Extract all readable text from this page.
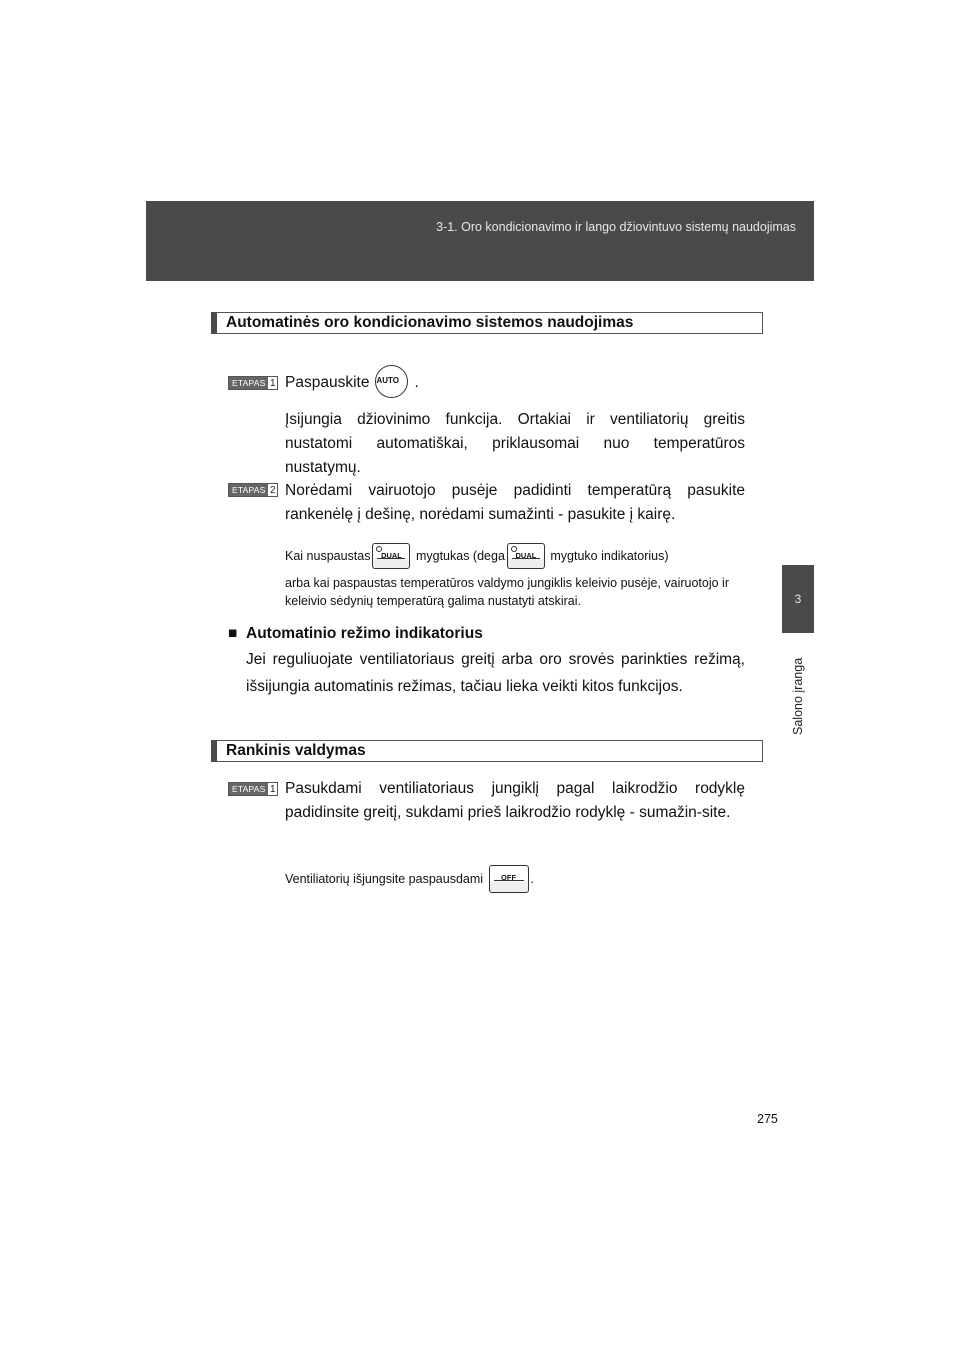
3-1. Oro kondicionavimo ir lango džiovintuvo sistemų naudojimas
3
Salono įranga
Automatinės oro kondicionavimo sistemos naudojimas
ETAPAS 1 Paspauskite AUTO .
Įsijungia džiovinimo funkcija. Ortakiai ir ventiliatorių greitis nustatomi automatiškai, priklausomai nuo temperatūros nustatymų.
ETAPAS 2 Norėdami vairuotojo pusėje padidinti temperatūrą pasukite rankenėlę į dešinę, norėdami sumažinti - pasukite į kairę.
Kai nuspaustas	DUAL	mygtukas (dega	DUAL	mygtuko indikatorius)
arba kai paspaustas temperatūros valdymo jungiklis keleivio pusėje, vairuotojo ir keleivio sėdynių temperatūrą galima nustatyti atskirai.
■ Automatinio režimo indikatorius
Jei reguliuojate ventiliatoriaus greitį arba oro srovės parinkties režimą, išsijungia automatinis režimas, tačiau lieka veikti kitos funkcijos.
Rankinis valdymas
ETAPAS 1 Pasukdami ventiliatoriaus jungiklį pagal laikrodžio rodyklę padidinsite greitį, sukdami prieš laikrodžio rodyklę - sumažin-site.
Ventiliatorių išjungsite paspausdami	OFF	.
275
